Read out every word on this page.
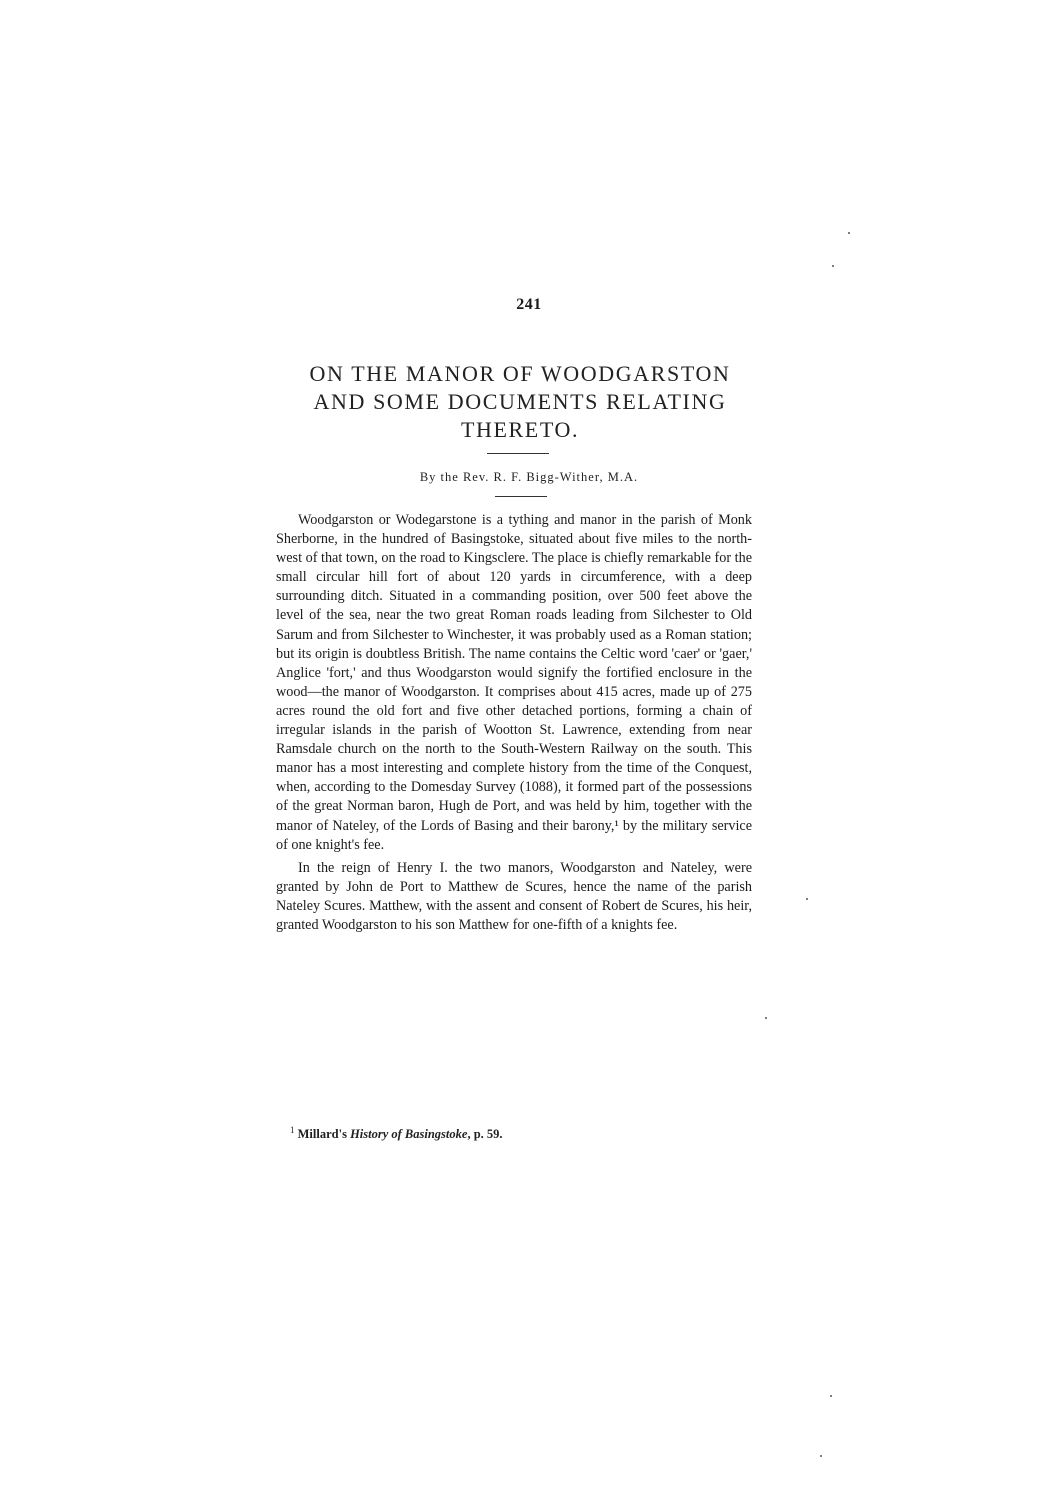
241
ON THE MANOR OF WOODGARSTON
AND SOME DOCUMENTS RELATING
THERETO.
By the Rev. R. F. Bigg-Wither, M.A.

Woodgarston or Wodegarstone is a tything and manor in the parish of Monk Sherborne, in the hundred of Basingstoke, situated about five miles to the north-west of that town, on the road to Kingsclere. The place is chiefly remarkable for the small circular hill fort of about 120 yards in circumference, with a deep surrounding ditch. Situated in a commanding position, over 500 feet above the level of the sea, near the two great Roman roads leading from Silchester to Old Sarum and from Silchester to Winchester, it was probably used as a Roman station; but its origin is doubtless British. The name contains the Celtic word 'caer' or 'gaer,' Anglice 'fort,' and thus Woodgarston would signify the fortified enclosure in the wood—the manor of Woodgarston. It comprises about 415 acres, made up of 275 acres round the old fort and five other detached portions, forming a chain of irregular islands in the parish of Wootton St. Lawrence, extending from near Ramsdale church on the north to the South-Western Railway on the south. This manor has a most interesting and complete history from the time of the Conquest, when, according to the Domesday Survey (1088), it formed part of the possessions of the great Norman baron, Hugh de Port, and was held by him, together with the manor of Nateley, of the Lords of Basing and their barony,¹ by the military service of one knight's fee.

In the reign of Henry I. the two manors, Woodgarston and Nateley, were granted by John de Port to Matthew de Scures, hence the name of the parish Nateley Scures. Matthew, with the assent and consent of Robert de Scures, his heir, granted Woodgarston to his son Matthew for one-fifth of a knights fee.

$^1$ Millard's History of Basingstoke, p. 59.
